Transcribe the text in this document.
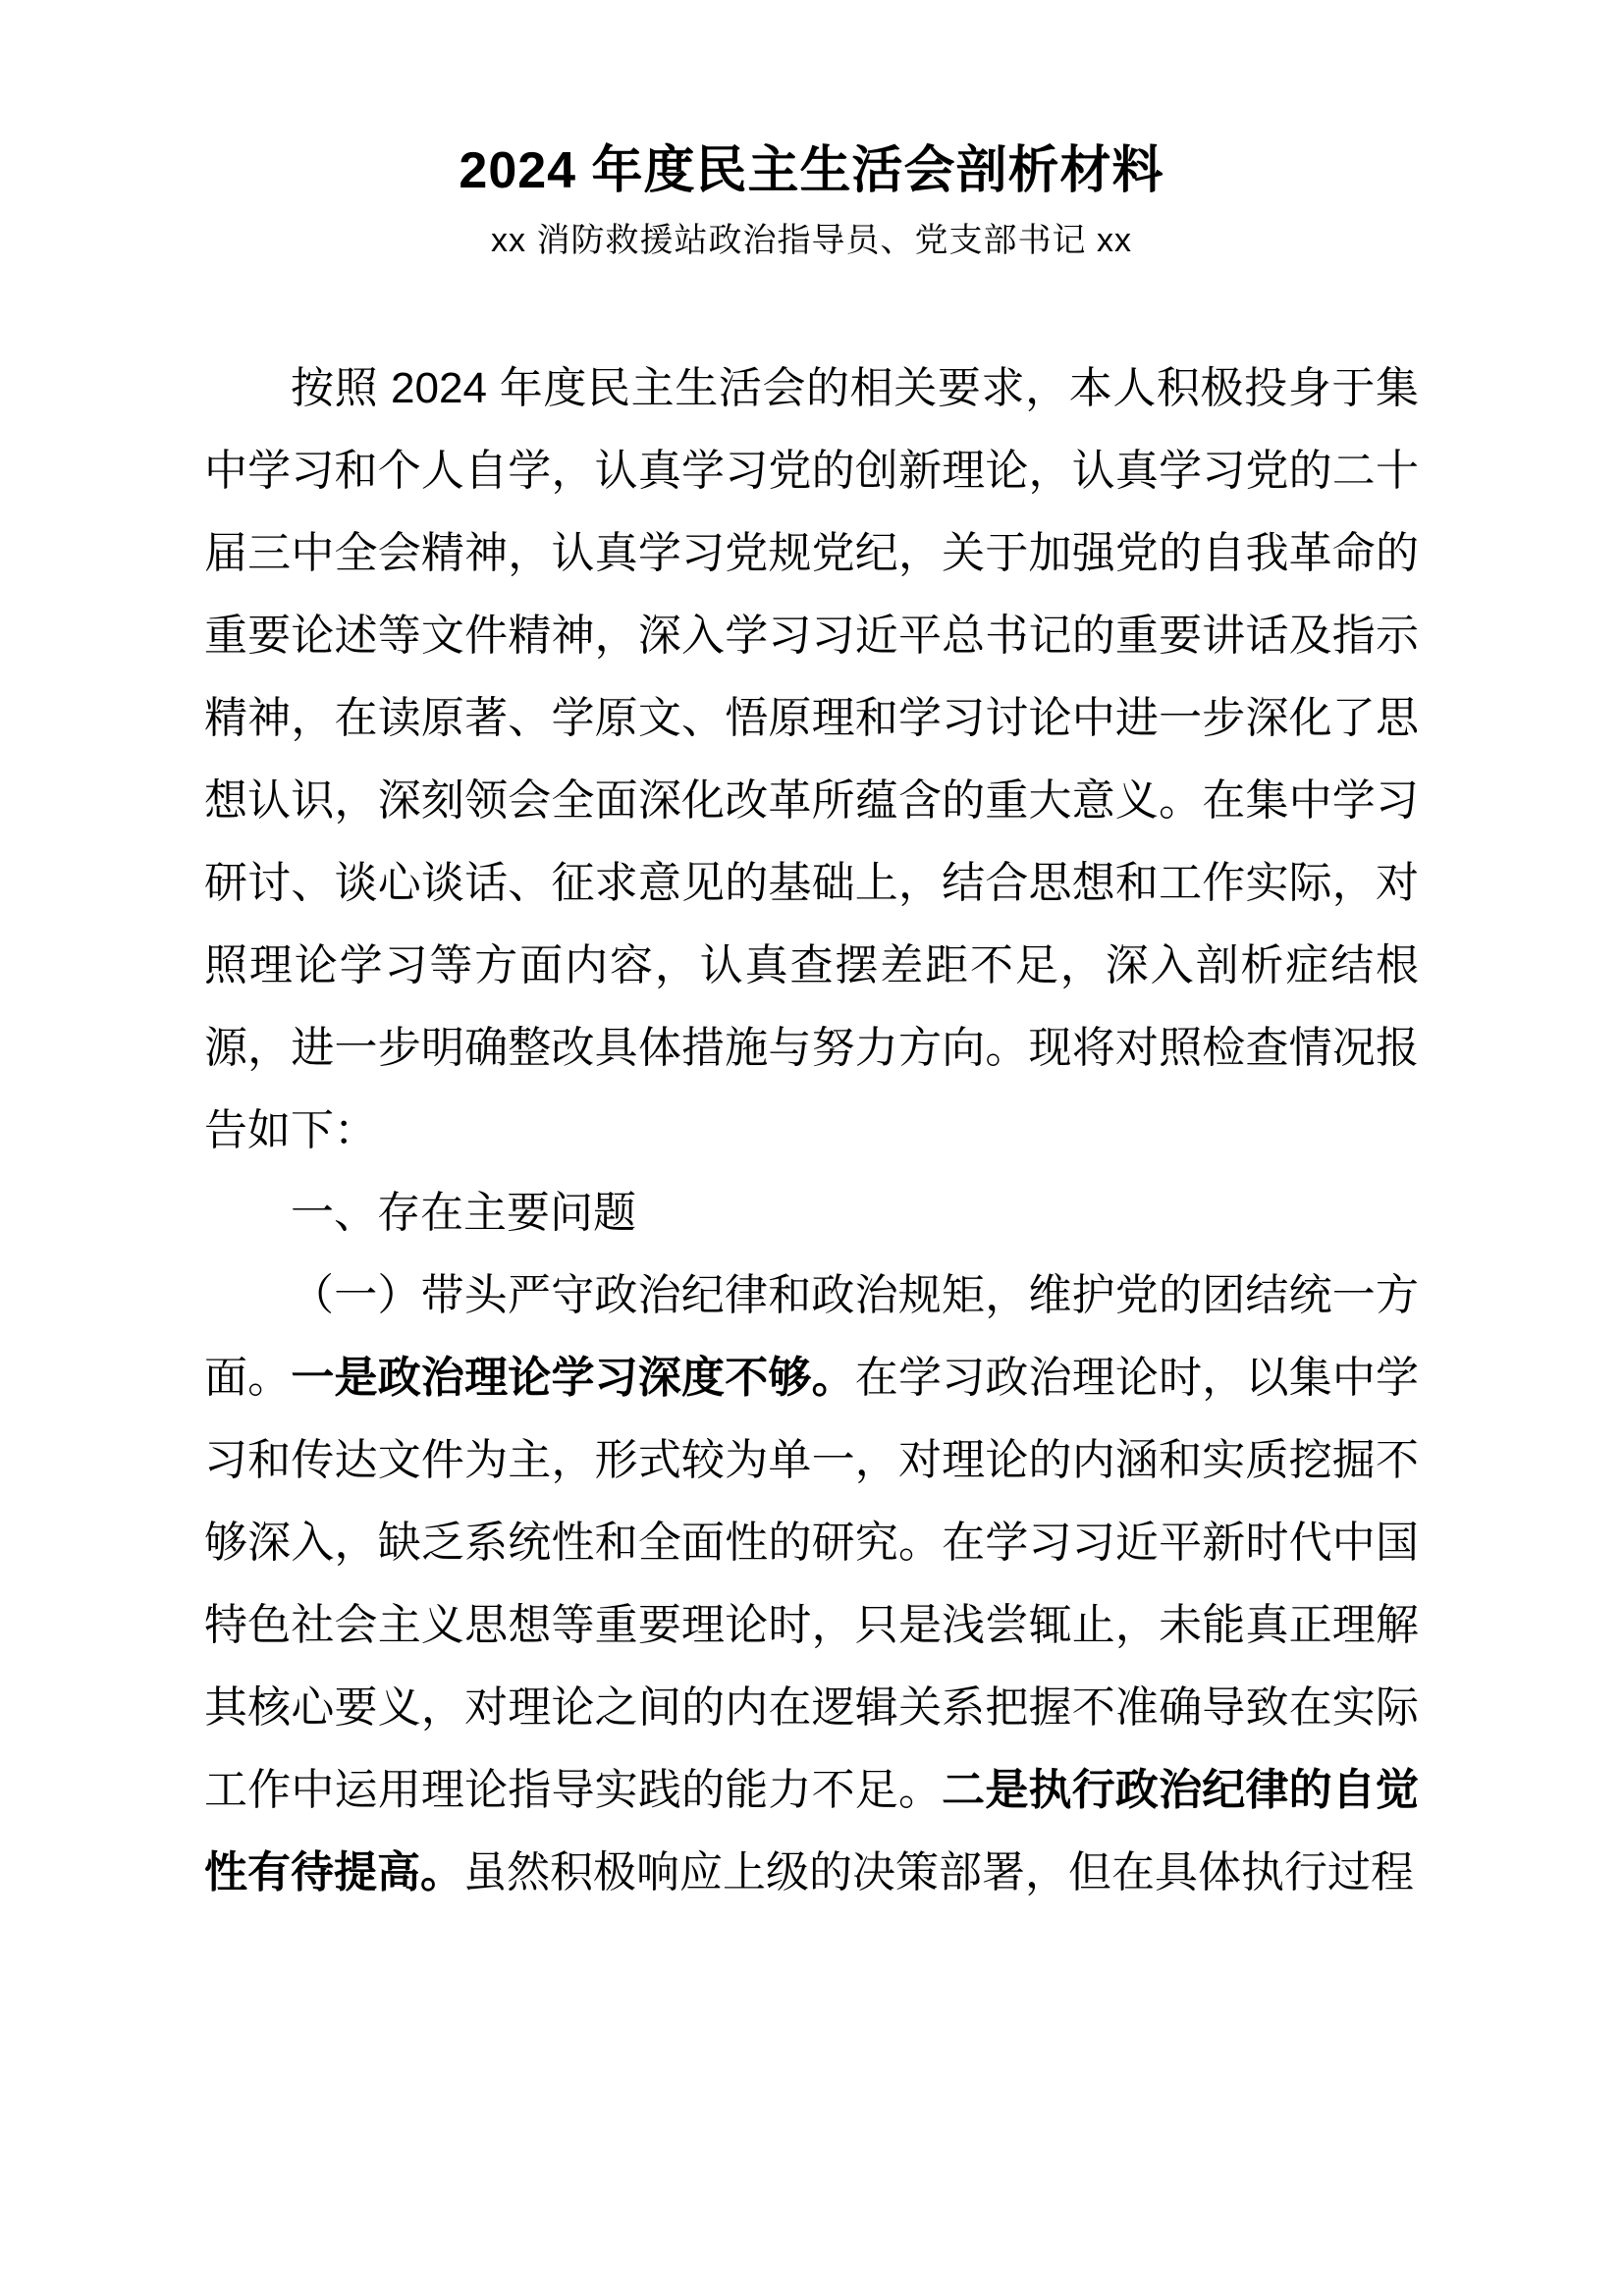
2024 年度民主生活会剖析材料
xx 消防救援站政治指导员、党支部书记 xx

按照 2024 年度民主生活会的相关要求，本人积极投身于集中学习和个人自学，认真学习党的创新理论，认真学习党的二十届三中全会精神，认真学习党规党纪，关于加强党的自我革命的重要论述等文件精神，深入学习习近平总书记的重要讲话及指示精神，在读原著、学原文、悟原理和学习讨论中进一步深化了思想认识，深刻领会全面深化改革所蕴含的重大意义。在集中学习研讨、谈心谈话、征求意见的基础上，结合思想和工作实际，对照理论学习等方面内容，认真查摆差距不足，深入剖析症结根源，进一步明确整改具体措施与努力方向。现将对照检查情况报告如下：

一、存在主要问题

（一）带头严守政治纪律和政治规矩，维护党的团结统一方面。一是政治理论学习深度不够。在学习政治理论时，以集中学习和传达文件为主，形式较为单一，对理论的内涵和实质挖掘不够深入，缺乏系统性和全面性的研究。在学习习近平新时代中国特色社会主义思想等重要理论时，只是浅尝辄止，未能真正理解其核心要义，对理论之间的内在逻辑关系把握不准确导致在实际工作中运用理论指导实践的能力不足。二是执行政治纪律的自觉性有待提高。虽然积极响应上级的决策部署，但在具体执行过程
